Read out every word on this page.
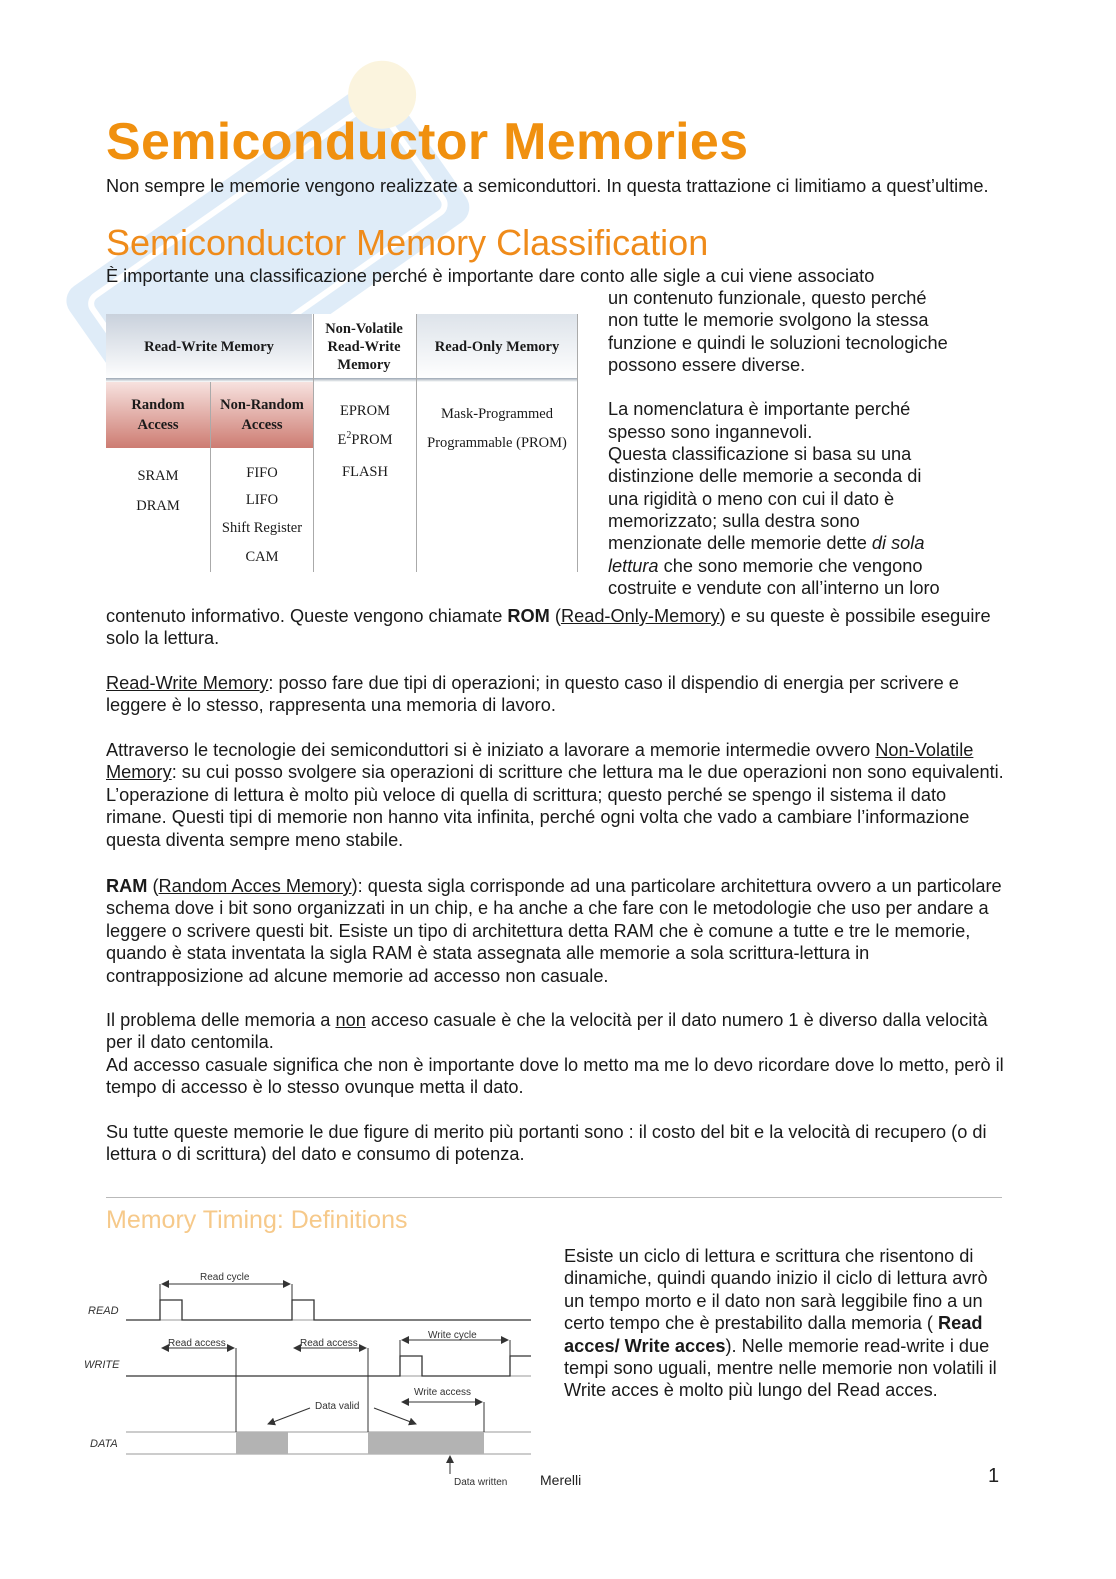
Semiconductor Memories

Non sempre le memorie vengono realizzate a semiconduttori. In questa trattazione ci limitiamo a quest’ultime.

Semiconductor Memory Classification

È importante una classificazione perché è importante dare conto alle sigle a cui viene associato

un contenuto funzionale, questo perché
non tutte le memorie svolgono la stessa
funzione e quindi le soluzioni tecnologiche
possono essere diverse.
La nomenclatura è importante perché
spesso sono ingannevoli.
Questa classificazione si basa su una
distinzione delle memorie a seconda di
una rigidità o meno con cui il dato è
memorizzato; sulla destra sono
menzionate delle memorie dette di sola
lettura che sono memorie che vengono
costruite e vendute con all’interno un loro
Read-Write Memory
Non-Volatile Read-Write Memory
Read-Only Memory
Random Access
Non-Random Access
SRAM
DRAM
FIFO
LIFO
Shift Register
CAM
EPROM
$E^2PROM$
FLASH
Mask-Programmed
Programmable (PROM)

contenuto informativo. Queste vengono chiamate ROM (Read-Only-Memory) e su queste è possibile eseguire solo la lettura.

Read-Write Memory: posso fare due tipi di operazioni; in questo caso il dispendio di energia per scrivere e leggere è lo stesso, rappresenta una memoria di lavoro.

Attraverso le tecnologie dei semiconduttori si è iniziato a lavorare a memorie intermedie ovvero Non-Volatile Memory: su cui posso svolgere sia operazioni di scritture che lettura ma le due operazioni non sono equivalenti. L’operazione di lettura è molto più veloce di quella di scrittura; questo perché se spengo il sistema il dato rimane. Questi tipi di memorie non hanno vita infinita, perché ogni volta che vado a cambiare l’informazione questa diventa sempre meno stabile.

RAM (Random Acces Memory): questa sigla corrisponde ad una particolare architettura ovvero a un particolare schema dove i bit sono organizzati in un chip, e ha anche a che fare con le metodologie che uso per andare a leggere o scrivere questi bit. Esiste un tipo di architettura detta RAM che è comune a tutte e tre le memorie, quando è stata inventata la sigla RAM è stata assegnata alle memorie a sola scrittura-lettura in contrapposizione ad alcune memorie ad accesso non casuale.

Il problema delle memoria a non acceso casuale è che la velocità per il dato numero 1 è diverso dalla velocità per il dato centomila.

Ad accesso casuale significa che non è importante dove lo metto ma me lo devo ricordare dove lo metto, però il tempo di accesso è lo stesso ovunque metta il dato.

Su tutte queste memorie le due figure di merito più portanti sono : il costo del bit e la velocità di recupero (o di lettura o di scrittura) del dato e consumo di potenza.

Memory Timing: Definitions

Esiste un ciclo di lettura e scrittura che risentono di dinamiche, quindi quando inizio il ciclo di lettura avrò un tempo morto e il dato non sarà leggibile fino a un certo tempo che è prestabilito dalla memoria ( Read acces/ Write acces). Nelle memorie read-write i due tempi sono uguali, mentre nelle memorie non volatili il Write acces è molto più lungo del Read acces.

READ
WRITE
DATA
Read cycle
Read access	Read access
Write cycle
Write access
Data valid
Data written Merelli	1
